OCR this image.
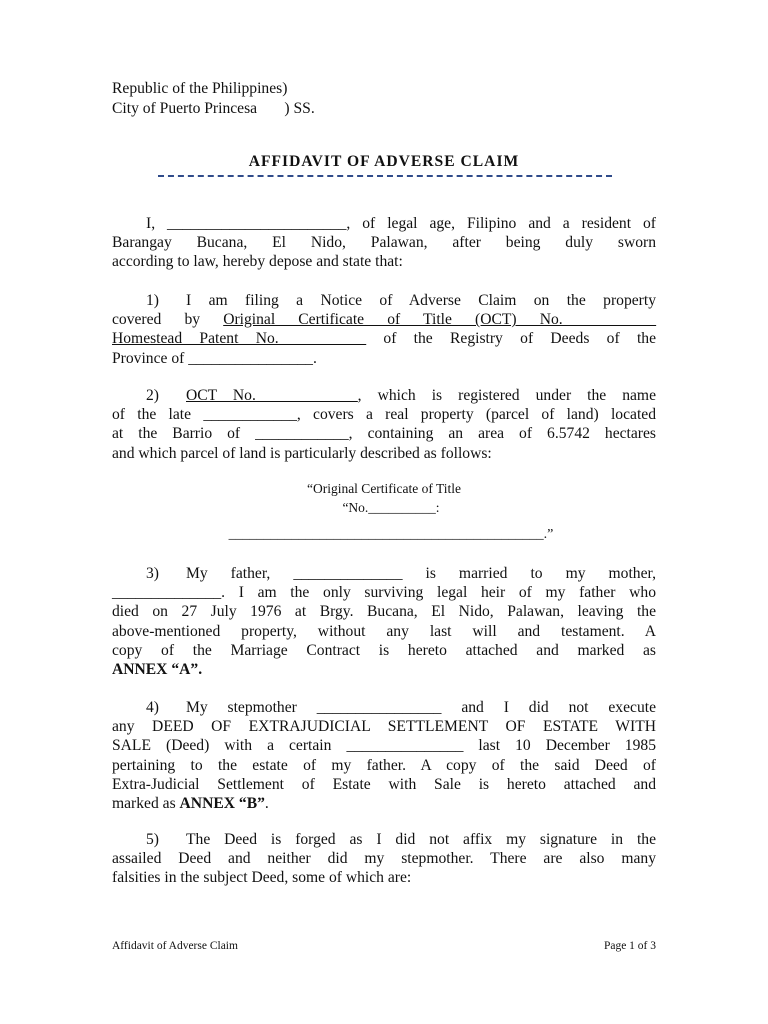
Republic of the Philippines)
City of Puerto Princesa       ) SS.
AFFIDAVIT OF ADVERSE CLAIM
I, _______________________, of legal age, Filipino and a resident of
Barangay Bucana, El Nido, Palawan, after being duly sworn
according to law, hereby depose and state that:
1) I am filing a Notice of Adverse Claim on the property
covered by Original Certificate of Title (OCT) No. _________
Homestead Patent No. _________ of the Registry of Deeds of the
Province of ________________.
2) OCT No. ___________, which is registered under the name
of the late ____________, covers a real property (parcel of land) located
at the Barrio of ____________, containing an area of 6.5742 hectares
and which parcel of land is particularly described as follows:
“Original Certificate of Title
“No.__________:
_____________________________________________.”
3) My father, ______________ is married to my mother,
______________. I am the only surviving legal heir of my father who
died on 27 July 1976 at Brgy. Bucana, El Nido, Palawan, leaving the
above-mentioned property, without any last will and testament. A
copy of the Marriage Contract is hereto attached and marked as
ANNEX “A”.
4) My stepmother ________________ and I did not execute
any DEED OF EXTRAJUDICIAL SETTLEMENT OF ESTATE WITH
SALE (Deed) with a certain _______________ last 10 December 1985
pertaining to the estate of my father. A copy of the said Deed of
Extra-Judicial Settlement of Estate with Sale is hereto attached and
marked as ANNEX “B”.
5) The Deed is forged as I did not affix my signature in the
assailed Deed and neither did my stepmother. There are also many
falsities in the subject Deed, some of which are:
Affidavit of Adverse Claim	Page 1 of 3
